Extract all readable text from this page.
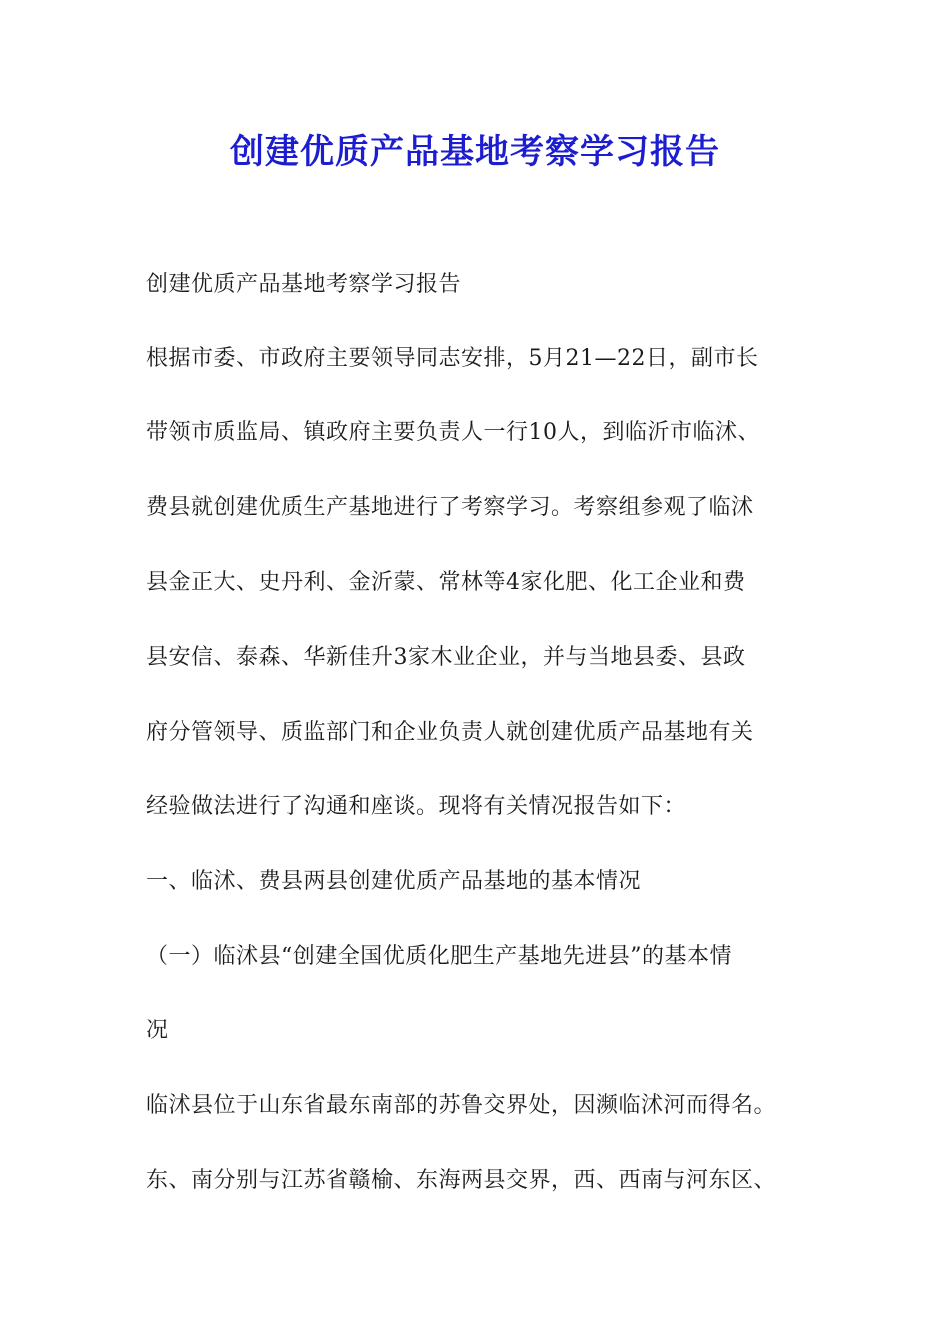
创建优质产品基地考察学习报告

创建优质产品基地考察学习报告

根据市委、市政府主要领导同志安排，5月21—22日，副市长

带领市质监局、镇政府主要负责人一行10人，到临沂市临沭、

费县就创建优质生产基地进行了考察学习。考察组参观了临沭

县金正大、史丹利、金沂蒙、常林等4家化肥、化工企业和费

县安信、泰森、华新佳升3家木业企业，并与当地县委、县政

府分管领导、质监部门和企业负责人就创建优质产品基地有关

经验做法进行了沟通和座谈。现将有关情况报告如下：

一、临沭、费县两县创建优质产品基地的基本情况

（一）临沭县“创建全国优质化肥生产基地先进县”的基本情

况

临沭县位于山东省最东南部的苏鲁交界处，因濒临沭河而得名。

东、南分别与江苏省赣榆、东海两县交界，西、西南与河东区、
